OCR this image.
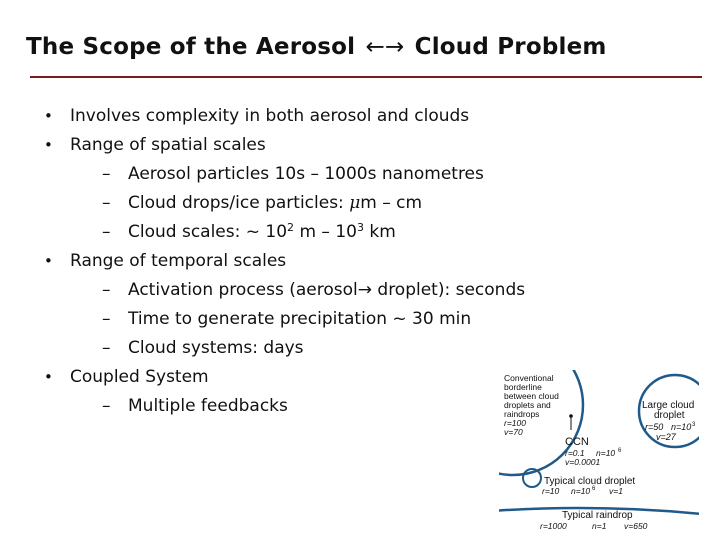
The Scope of the Aerosol ←→ Cloud Problem
• Involves complexity in both aerosol and clouds
• Range of spatial scales
– Aerosol particles 10s – 1000s nanometres
– Cloud drops/ice particles: μm – cm
– Cloud scales: ~ $10^2$ m – $10^3$ km
• Range of temporal scales
– Activation process (aerosol→ droplet): seconds
– Time to generate precipitation ~ 30 min
– Cloud systems: days
• Coupled System
– Multiple feedbacks
Conventional
borderline
between cloud
droplets and
raindrops
r=100
v=70
Large cloud
droplet
r=50 n=10 3
v=27
CCN
r=0.1 n=10 6
v=0.0001
Typical cloud droplet
r=10 n=10 6 v=1
Typical raindrop
r=1000	n=1 v=650
